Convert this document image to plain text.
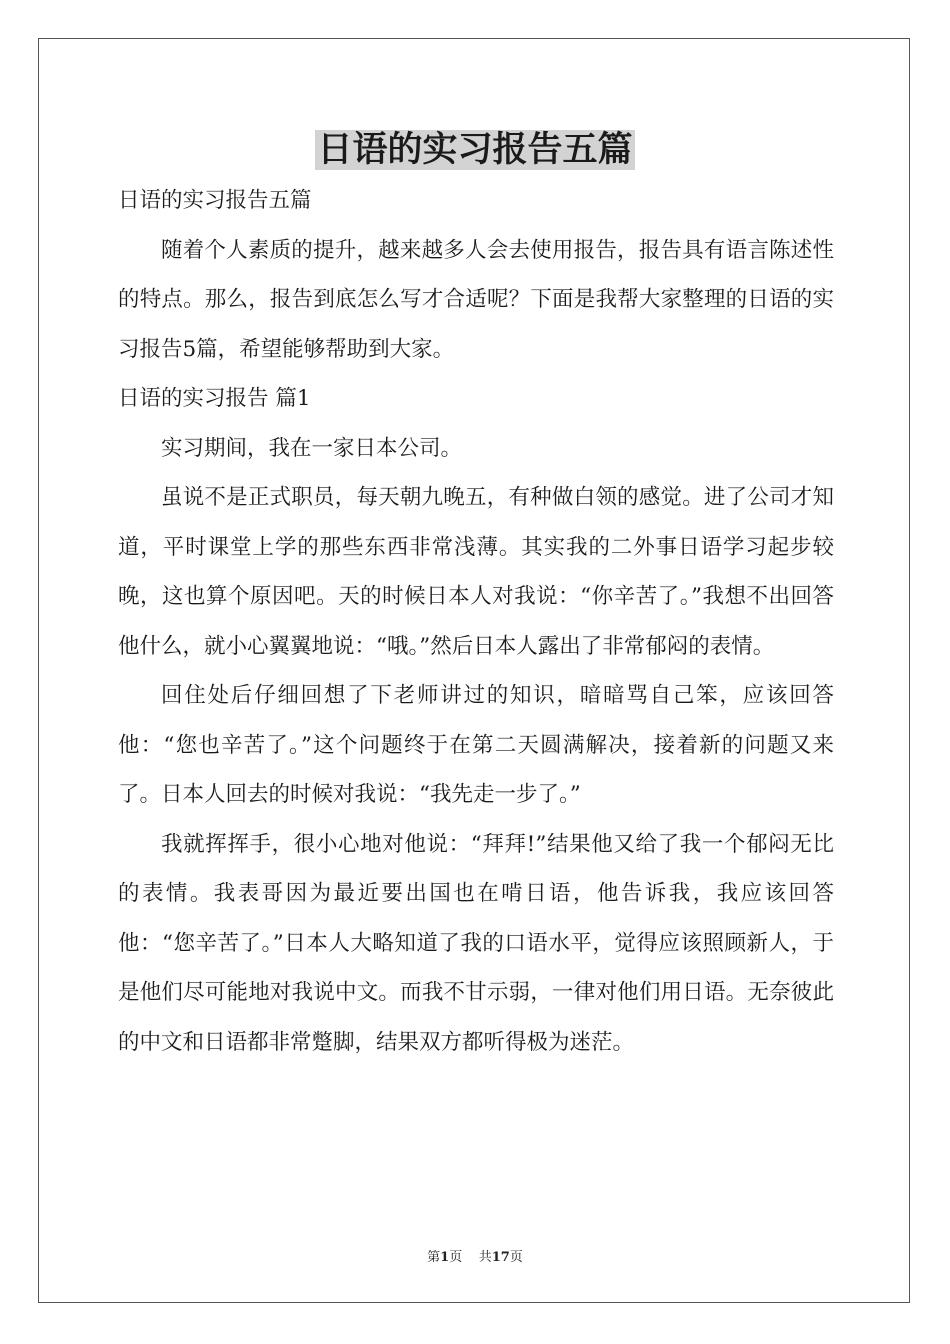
日语的实习报告五篇

日语的实习报告五篇

随着个人素质的提升，越来越多人会去使用报告，报告具有语言陈述性的特点。那么，报告到底怎么写才合适呢？下面是我帮大家整理的日语的实习报告5篇，希望能够帮助到大家。

日语的实习报告 篇1

实习期间，我在一家日本公司。

虽说不是正式职员，每天朝九晚五，有种做白领的感觉。进了公司才知道，平时课堂上学的那些东西非常浅薄。其实我的二外事日语学习起步较晚，这也算个原因吧。天的时候日本人对我说：“你辛苦了。”我想不出回答他什么，就小心翼翼地说：“哦。”然后日本人露出了非常郁闷的表情。

回住处后仔细回想了下老师讲过的知识，暗暗骂自己笨，应该回答他：“您也辛苦了。”这个问题终于在第二天圆满解决，接着新的问题又来了。日本人回去的时候对我说：“我先走一步了。”

我就挥挥手，很小心地对他说：“拜拜!”结果他又给了我一个郁闷无比的表情。我表哥因为最近要出国也在啃日语，他告诉我，我应该回答他：“您辛苦了。”日本人大略知道了我的口语水平，觉得应该照顾新人，于是他们尽可能地对我说中文。而我不甘示弱，一律对他们用日语。无奈彼此的中文和日语都非常蹩脚，结果双方都听得极为迷茫。

第1页 共17页
